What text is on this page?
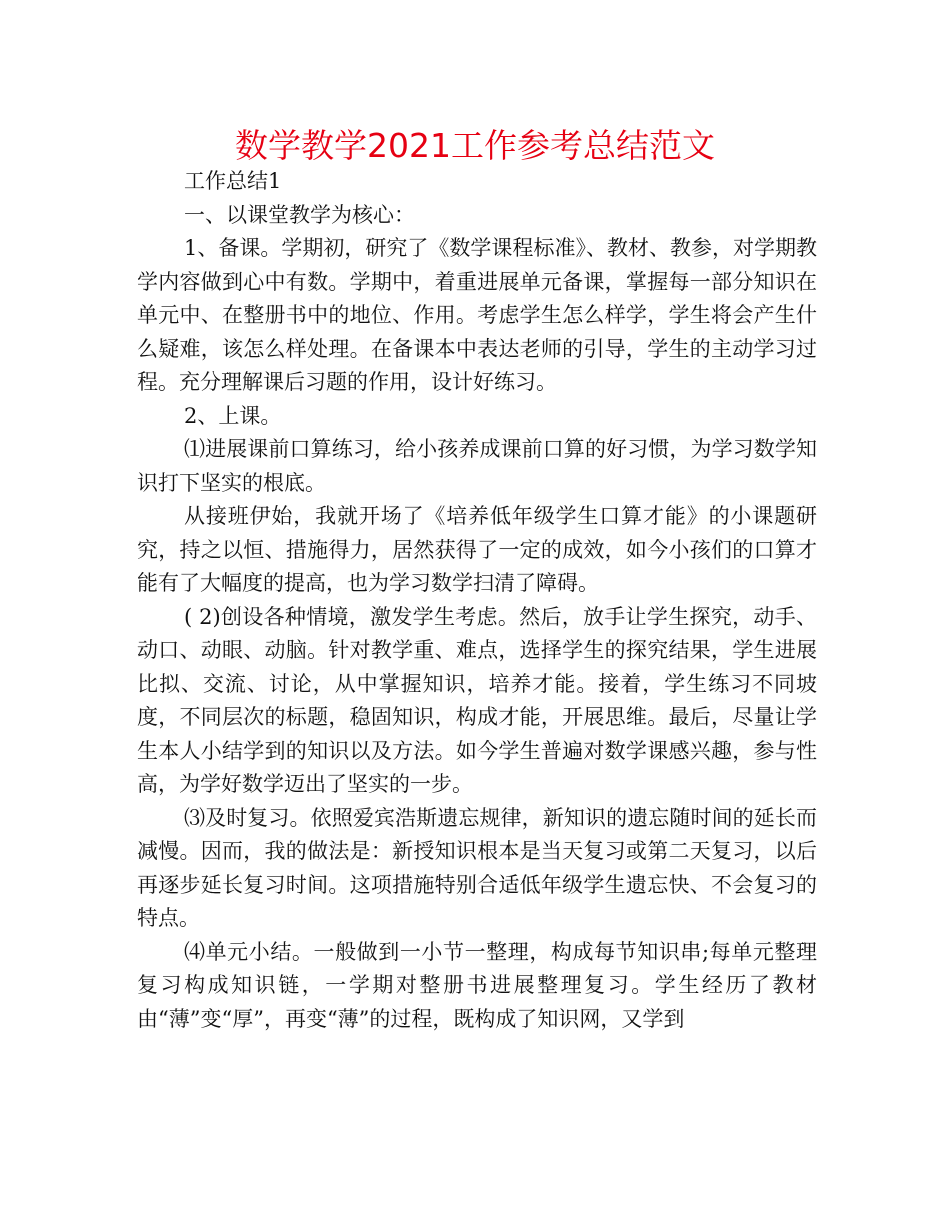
数学教学2021工作参考总结范文

工作总结1

一、以课堂教学为核心：

1、备课。学期初，研究了《数学课程标准》、教材、教参，对学期教学内容做到心中有数。学期中，着重进展单元备课，掌握每一部分知识在单元中、在整册书中的地位、作用。考虑学生怎么样学，学生将会产生什么疑难，该怎么样处理。在备课本中表达老师的引导，学生的主动学习过程。充分理解课后习题的作用，设计好练习。

2、上课。

⑴进展课前口算练习，给小孩养成课前口算的好习惯，为学习数学知识打下坚实的根底。

从接班伊始，我就开场了《培养低年级学生口算才能》的小课题研究，持之以恒、措施得力，居然获得了一定的成效，如今小孩们的口算才能有了大幅度的提高，也为学习数学扫清了障碍。

( 2)创设各种情境，激发学生考虑。然后，放手让学生探究，动手、动口、动眼、动脑。针对教学重、难点，选择学生的探究结果，学生进展比拟、交流、讨论，从中掌握知识，培养才能。接着，学生练习不同坡度，不同层次的标题，稳固知识，构成才能，开展思维。最后，尽量让学生本人小结学到的知识以及方法。如今学生普遍对数学课感兴趣，参与性高，为学好数学迈出了坚实的一步。

⑶及时复习。依照爱宾浩斯遗忘规律，新知识的遗忘随时间的延长而减慢。因而，我的做法是：新授知识根本是当天复习或第二天复习，以后再逐步延长复习时间。这项措施特别合适低年级学生遗忘快、不会复习的特点。

⑷单元小结。一般做到一小节一整理，构成每节知识串;每单元整理复习构成知识链，一学期对整册书进展整理复习。学生经历了教材由“薄”变“厚”，再变“薄”的过程，既构成了知识网，又学到
